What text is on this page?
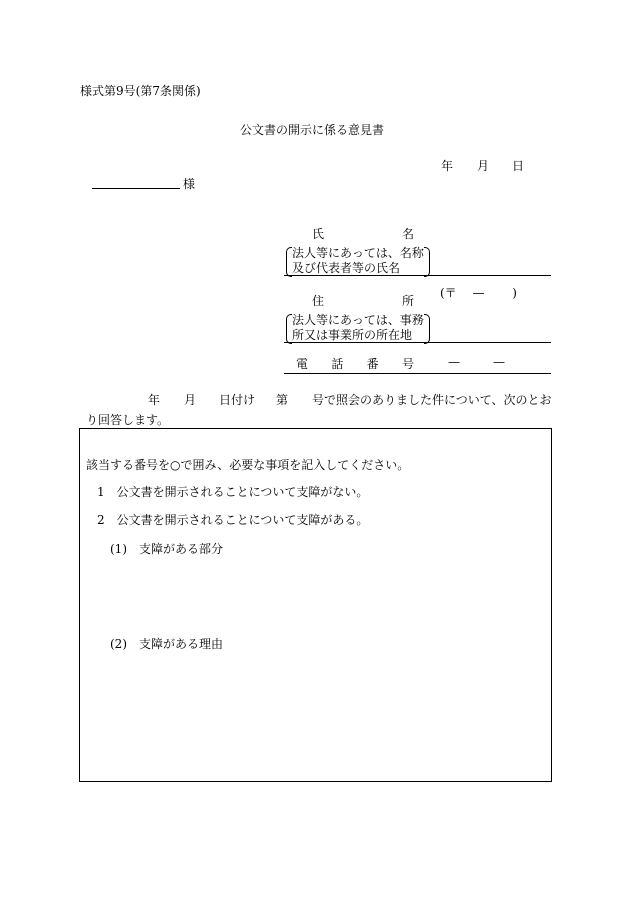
様式第9号(第7条関係)
公文書の開示に係る意見書
年 月 日
様
氏	名
法人等にあっては、名称
及び代表者等の氏名
(〒 　—　　 )
住	所
法人等にあっては、事務
所又は事業所の所在地
電 話 番 号	—	—
年 月 日付け 第 号で照会のありました件について、次のとお
り回答します。
該当する番号を○で囲み、必要な事項を記入してください。
1　公文書を開示されることについて支障がない。
2　公文書を開示されることについて支障がある。
(1)　支障がある部分
(2)　支障がある理由
